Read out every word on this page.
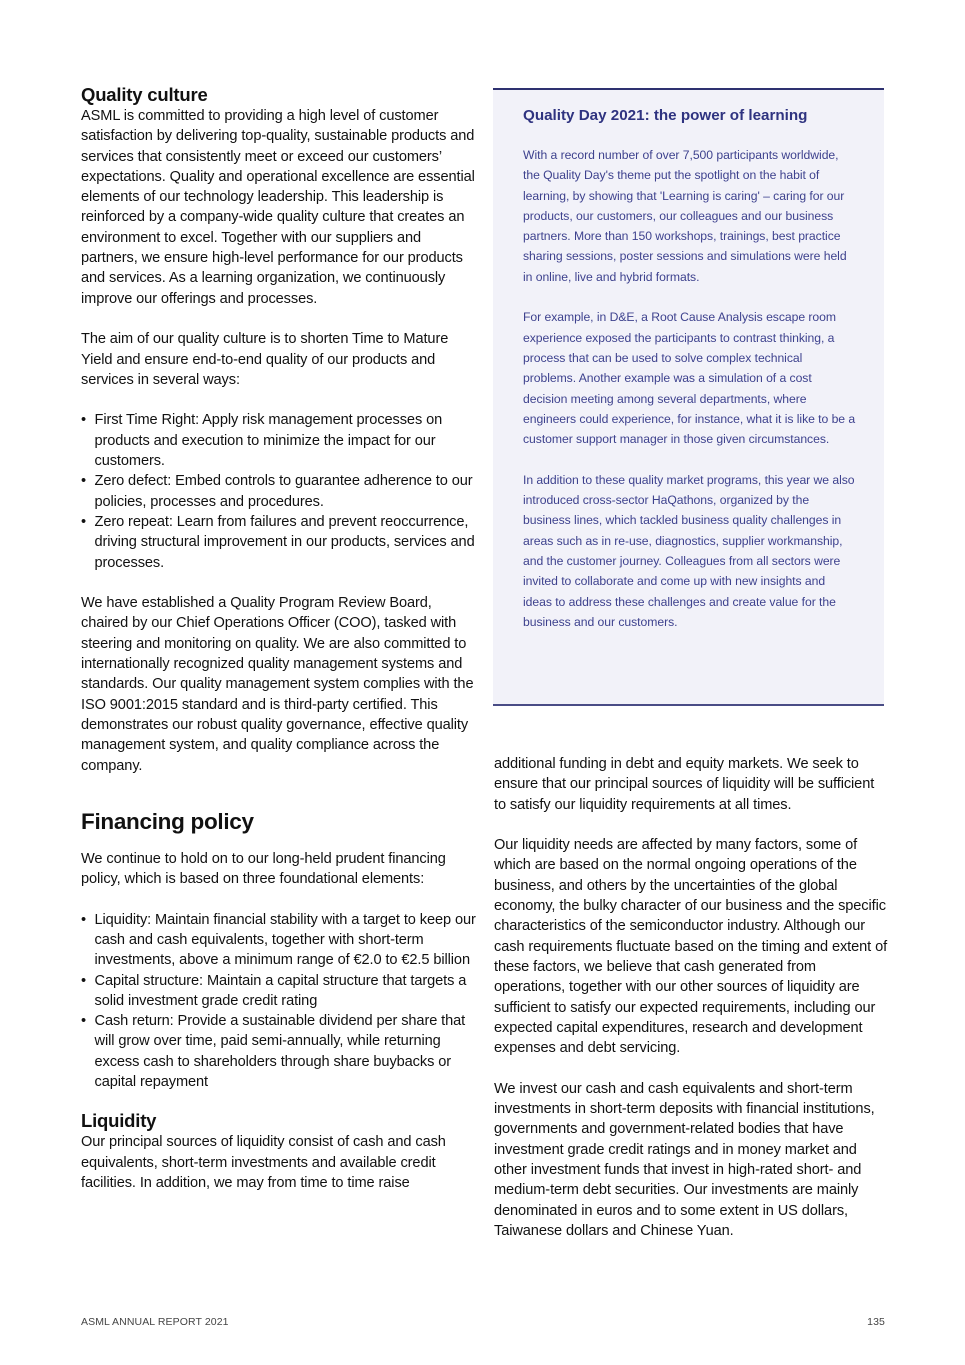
Quality culture

ASML is committed to providing a high level of customer satisfaction by delivering top-quality, sustainable products and services that consistently meet or exceed our customers’ expectations. Quality and operational excellence are essential elements of our technology leadership. This leadership is reinforced by a company-wide quality culture that creates an environment to excel. Together with our suppliers and partners, we ensure high-level performance for our products and services. As a learning organization, we continuously improve our offerings and processes.

The aim of our quality culture is to shorten Time to Mature Yield and ensure end-to-end quality of our products and services in several ways:

• First Time Right: Apply risk management processes on products and execution to minimize the impact for our customers.
• Zero defect: Embed controls to guarantee adherence to our policies, processes and procedures.
• Zero repeat: Learn from failures and prevent reoccurrence, driving structural improvement in our products, services and processes.

We have established a Quality Program Review Board, chaired by our Chief Operations Officer (COO), tasked with steering and monitoring on quality. We are also committed to internationally recognized quality management systems and standards. Our quality management system complies with the ISO 9001:2015 standard and is third-party certified. This demonstrates our robust quality governance, effective quality management system, and quality compliance across the company.

Financing policy

We continue to hold on to our long-held prudent financing policy, which is based on three foundational elements:

• Liquidity: Maintain financial stability with a target to keep our cash and cash equivalents, together with short-term investments, above a minimum range of €2.0 to €2.5 billion
• Capital structure: Maintain a capital structure that targets a solid investment grade credit rating
• Cash return: Provide a sustainable dividend per share that will grow over time, paid semi-annually, while returning excess cash to shareholders through share buybacks or capital repayment
Liquidity

Our principal sources of liquidity consist of cash and cash equivalents, short-term investments and available credit facilities. In addition, we may from time to time raise

Quality Day 2021: the power of learning

With a record number of over 7,500 participants worldwide, the Quality Day's theme put the spotlight on the habit of learning, by showing that 'Learning is caring' – caring for our products, our customers, our colleagues and our business partners. More than 150 workshops, trainings, best practice sharing sessions, poster sessions and simulations were held in online, live and hybrid formats.

For example, in D&E, a Root Cause Analysis escape room experience exposed the participants to contrast thinking, a process that can be used to solve complex technical problems. Another example was a simulation of a cost decision meeting among several departments, where engineers could experience, for instance, what it is like to be a customer support manager in those given circumstances.

In addition to these quality market programs, this year we also introduced cross-sector HaQathons, organized by the business lines, which tackled business quality challenges in areas such as in re-use, diagnostics, supplier workmanship, and the customer journey. Colleagues from all sectors were invited to collaborate and come up with new insights and ideas to address these challenges and create value for the business and our customers.

additional funding in debt and equity markets. We seek to ensure that our principal sources of liquidity will be sufficient to satisfy our liquidity requirements at all times.

Our liquidity needs are affected by many factors, some of which are based on the normal ongoing operations of the business, and others by the uncertainties of the global economy, the bulky character of our business and the specific characteristics of the semiconductor industry. Although our cash requirements fluctuate based on the timing and extent of these factors, we believe that cash generated from operations, together with our other sources of liquidity are sufficient to satisfy our expected requirements, including our expected capital expenditures, research and development expenses and debt servicing.

We invest our cash and cash equivalents and short-term investments in short-term deposits with financial institutions, governments and government-related bodies that have investment grade credit ratings and in money market and other investment funds that invest in high-rated short- and medium-term debt securities. Our investments are mainly denominated in euros and to some extent in US dollars, Taiwanese dollars and Chinese Yuan.

ASML ANNUAL REPORT 2021	135
